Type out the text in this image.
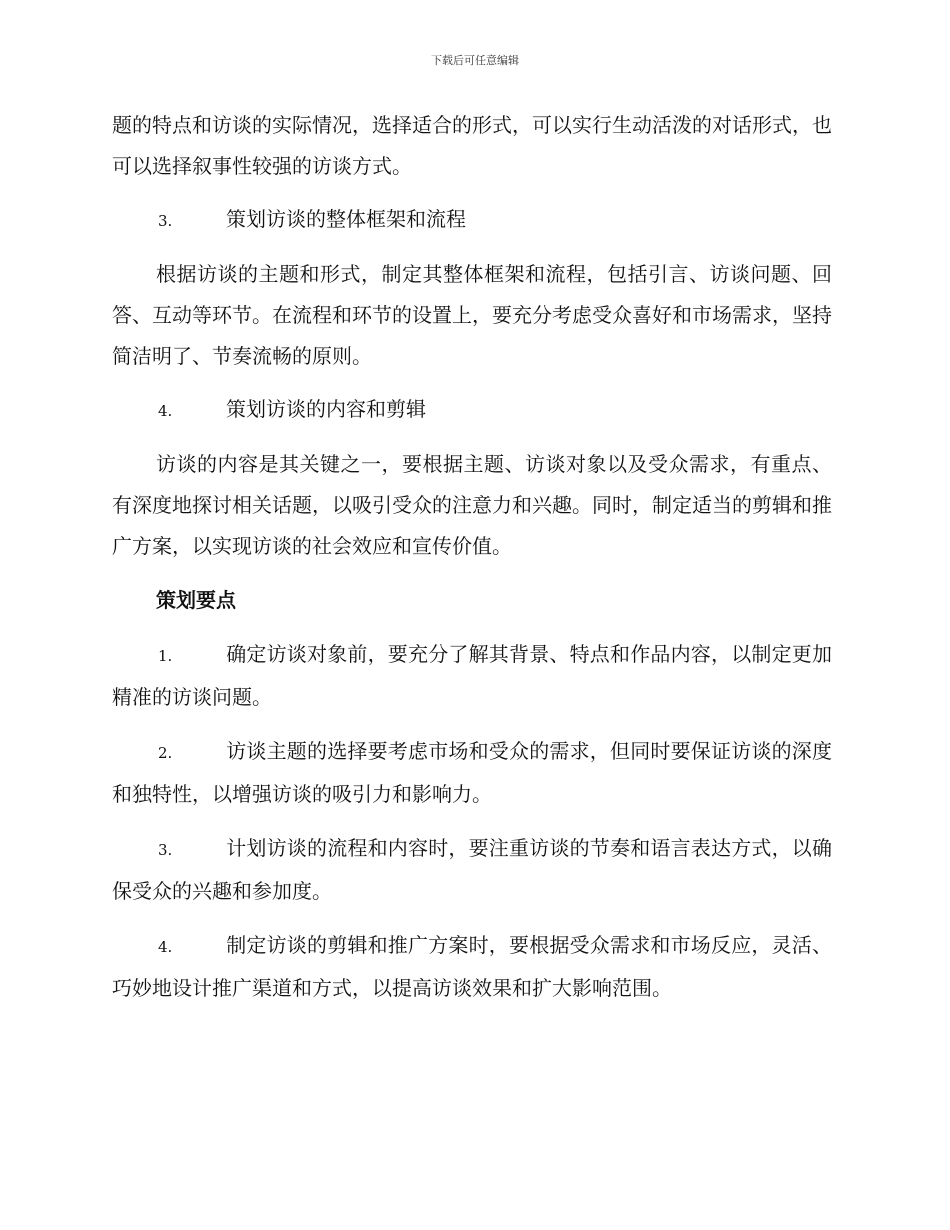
下载后可任意编辑

题的特点和访谈的实际情况，选择适合的形式，可以实行生动活泼的对话形式，也可以选择叙事性较强的访谈方式。

3.	策划访谈的整体框架和流程

根据访谈的主题和形式，制定其整体框架和流程，包括引言、访谈问题、回答、互动等环节。在流程和环节的设置上，要充分考虑受众喜好和市场需求，坚持简洁明了、节奏流畅的原则。

4.	策划访谈的内容和剪辑

访谈的内容是其关键之一，要根据主题、访谈对象以及受众需求，有重点、有深度地探讨相关话题，以吸引受众的注意力和兴趣。同时，制定适当的剪辑和推广方案，以实现访谈的社会效应和宣传价值。

策划要点

1.	确定访谈对象前，要充分了解其背景、特点和作品内容，以制定更加精准的访谈问题。

2.	访谈主题的选择要考虑市场和受众的需求，但同时要保证访谈的深度和独特性，以增强访谈的吸引力和影响力。

3.	计划访谈的流程和内容时，要注重访谈的节奏和语言表达方式，以确保受众的兴趣和参加度。

4.	制定访谈的剪辑和推广方案时，要根据受众需求和市场反应，灵活、巧妙地设计推广渠道和方式，以提高访谈效果和扩大影响范围。
